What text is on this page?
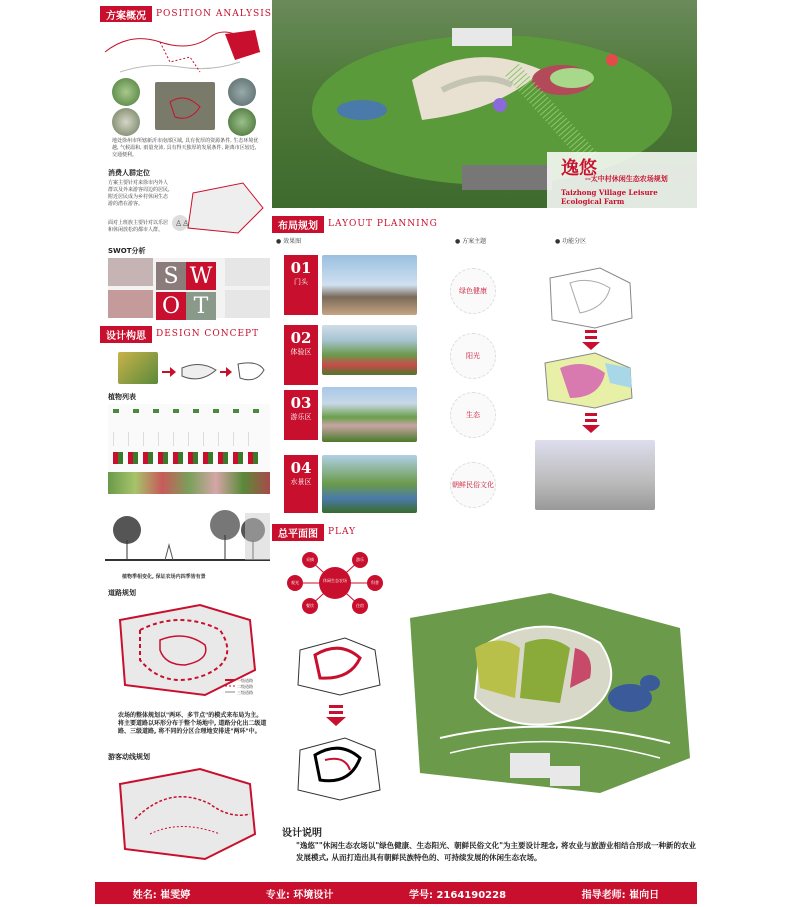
方案概况	POSITION ANALYSIS
地处徐州市所辖新沂市南部区域, 具有优厚的资源条件, 生态环境优越, 气候温和, 雨量充沛, 具有得天独厚的发展条件, 距离市区较近, 交通便利。
消费人群定位
方案主要针对来徐市内外人群以及外来游客周边的居民, 附近居民成为乡村休闲生态游的潜在游客。
面对上班族主要针对以乐居和休闲放松的都市人群。
♙♙
SWOT分析
S W
O T
设计构思	DESIGN CONCEPT
植物列表
植物季相变化, 保证农场内四季皆有景
道路规划
一级道路
二级道路
三级道路
农场的整体规划以"两环、多节点"的模式来布局为主。将主要道路以环形分布于整个场地中, 道路分化出二级道路、三级道路, 将不同的分区合理地安排进"两环"中。
游客动线规划
逸悠
--太中村休闲生态农场规划
Taizhong Village Leisure Ecological Farm
布局规划	LAYOUT PLANNING
● 效果图	● 方案主题	● 功能分区
01
门头
绿色健康
02
体验区	阳光
03
游乐区	生态
04
水景区	朝鲜民俗文化
总平面图	PLAY
休闲生态农场
采摘	游乐
观光	科普
餐饮	住宿
设计说明
"逸悠""休闲生态农场以"绿色健康、生态阳光、朝鲜民俗文化"为主要设计理念, 将农业与旅游业相结合形成一种新的农业发展模式, 从而打造出具有朝鲜民族特色的、可持续发展的休闲生态农场。
姓名: 崔雯婷	专业: 环境设计	学号: 2164190228	指导老师: 崔向日
